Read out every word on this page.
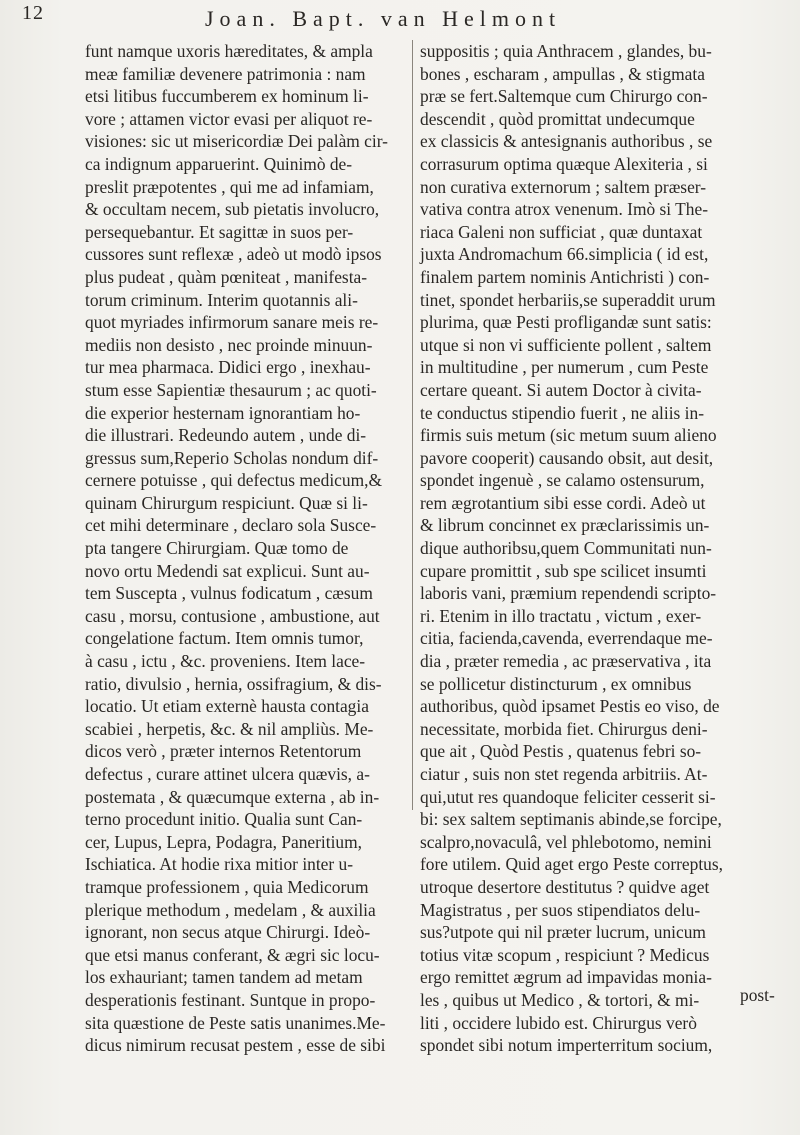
12	Joan. Bapt. van Helmont
funt namque uxoris hæreditates, & ampla
meæ familiæ devenere patrimonia : nam
etsi litibus fuccumberem ex hominum li-
vore ; attamen victor evasi per aliquot re-
visiones: sic ut misericordiæ Dei palàm cir-
ca indignum apparuerint. Quinimò de-
preslit præpotentes , qui me ad infamiam,
& occultam necem, sub pietatis involucro,
persequebantur. Et sagittæ in suos per-
cussores sunt reflexæ , adeò ut modò ipsos
plus pudeat , quàm pœniteat , manifesta-
torum criminum. Interim quotannis ali-
quot myriades infirmorum sanare meis re-
mediis non desisto , nec proinde minuun-
tur mea pharmaca. Didici ergo , inexhau-
stum esse Sapientiæ thesaurum ; ac quoti-
die experior hesternam ignorantiam ho-
die illustrari. Redeundo autem , unde di-
gressus sum,Reperio Scholas nondum dif-
cernere potuisse , qui defectus medicum,&
quinam Chirurgum respiciunt. Quæ si li-
cet mihi determinare , declaro sola Susce-
pta tangere Chirurgiam. Quæ tomo de
novo ortu Medendi sat explicui. Sunt au-
tem Suscepta , vulnus fodicatum , cæsum
casu , morsu, contusione , ambustione, aut
congelatione factum. Item omnis tumor,
à casu , ictu , &c. proveniens. Item lace-
ratio, divulsio , hernia, ossifragium, & dis-
locatio. Ut etiam externè hausta contagia
scabiei , herpetis, &c. & nil ampliùs. Me-
dicos verò , præter internos Retentorum
defectus , curare attinet ulcera quævis, a-
postemata , & quæcumque externa , ab in-
terno procedunt initio. Qualia sunt Can-
cer, Lupus, Lepra, Podagra, Paneritium,
Ischiatica. At hodie rixa mitior inter u-
tramque professionem , quia Medicorum
plerique methodum , medelam , & auxilia
ignorant, non secus atque Chirurgi. Ideò-
que etsi manus conferant, & ægri sic locu-
los exhauriant; tamen tandem ad metam
desperationis festinant. Suntque in propo-
sita quæstione de Peste satis unanimes.Me-
dicus nimirum recusat pestem , esse de sibi
suppositis ; quia Anthracem , glandes, bu-
bones , escharam , ampullas , & stigmata
præ se fert.Saltemque cum Chirurgo con-
descendit , quòd promittat undecumque
ex classicis & antesignanis authoribus , se
corrasurum optima quæque Alexiteria , si
non curativa externorum ; saltem præser-
vativa contra atrox venenum. Imò si The-
riaca Galeni non sufficiat , quæ duntaxat
juxta Andromachum 66.simplicia ( id est,
finalem partem nominis Antichristi ) con-
tinet, spondet herbariis,se superaddit urum
plurima, quæ Pesti profligandæ sunt satis:
utque si non vi sufficiente pollent , saltem
in multitudine , per numerum , cum Peste
certare queant. Si autem Doctor à civita-
te conductus stipendio fuerit , ne aliis in-
firmis suis metum (sic metum suum alieno
pavore cooperit) causando obsit, aut desit,
spondet ingenuè , se calamo ostensurum,
rem ægrotantium sibi esse cordi. Adeò ut
& librum concinnet ex præclarissimis un-
dique authoribsu,quem Communitati nun-
cupare promittit , sub spe scilicet insumti
laboris vani, præmium rependendi scripto-
ri. Etenim in illo tractatu , victum , exer-
citia, facienda,cavenda, everrendaque me-
dia , præter remedia , ac præservativa , ita
se pollicetur distincturum , ex omnibus
authoribus, quòd ipsamet Pestis eo viso, de
necessitate, morbida fiet. Chirurgus deni-
que ait , Quòd Pestis , quatenus febri so-
ciatur , suis non stet regenda arbitriis. At-
qui,utut res quandoque feliciter cesserit si-
bi: sex saltem septimanis abinde,se forcipe,
scalpro,novaculâ, vel phlebotomo, nemini
fore utilem. Quid aget ergo Peste correptus,
utroque desertore destitutus ? quidve aget
Magistratus , per suos stipendiatos delu-
sus?utpote qui nil præter lucrum, unicum
totius vitæ scopum , respiciunt ? Medicus
ergo remittet ægrum ad impavidas monia-
les , quibus ut Medico , & tortori, & mi-
liti , occidere lubido est. Chirurgus verò
spondet sibi notum imperterritum socium,
post-
